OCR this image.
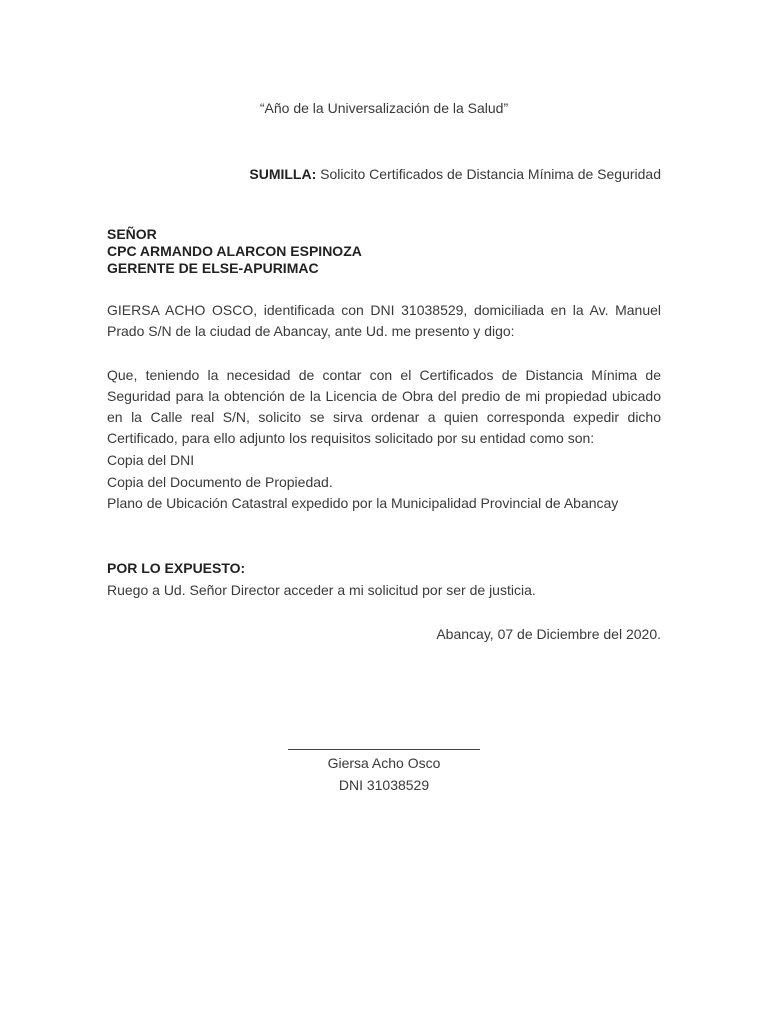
“Año de la Universalización de la Salud”
SUMILLA: Solicito Certificados de Distancia Mínima de Seguridad
SEÑOR
CPC ARMANDO ALARCON ESPINOZA
GERENTE DE ELSE-APURIMAC

GIERSA ACHO OSCO, identificada con DNI 31038529, domiciliada en la Av. Manuel Prado S/N de la ciudad de Abancay, ante Ud. me presento y digo:

Que, teniendo la necesidad de contar con el Certificados de Distancia Mínima de Seguridad para la obtención de la Licencia de Obra del predio de mi propiedad ubicado en la Calle real S/N, solicito se sirva ordenar a quien corresponda expedir dicho Certificado, para ello adjunto los requisitos solicitado por su entidad como son:

Copia del DNI
Copia del Documento de Propiedad.
Plano de Ubicación Catastral expedido por la Municipalidad Provincial de Abancay
POR LO EXPUESTO:
Ruego a Ud. Señor Director acceder a mi solicitud por ser de justicia.
Abancay, 07 de Diciembre del 2020.
Giersa Acho Osco
DNI 31038529
